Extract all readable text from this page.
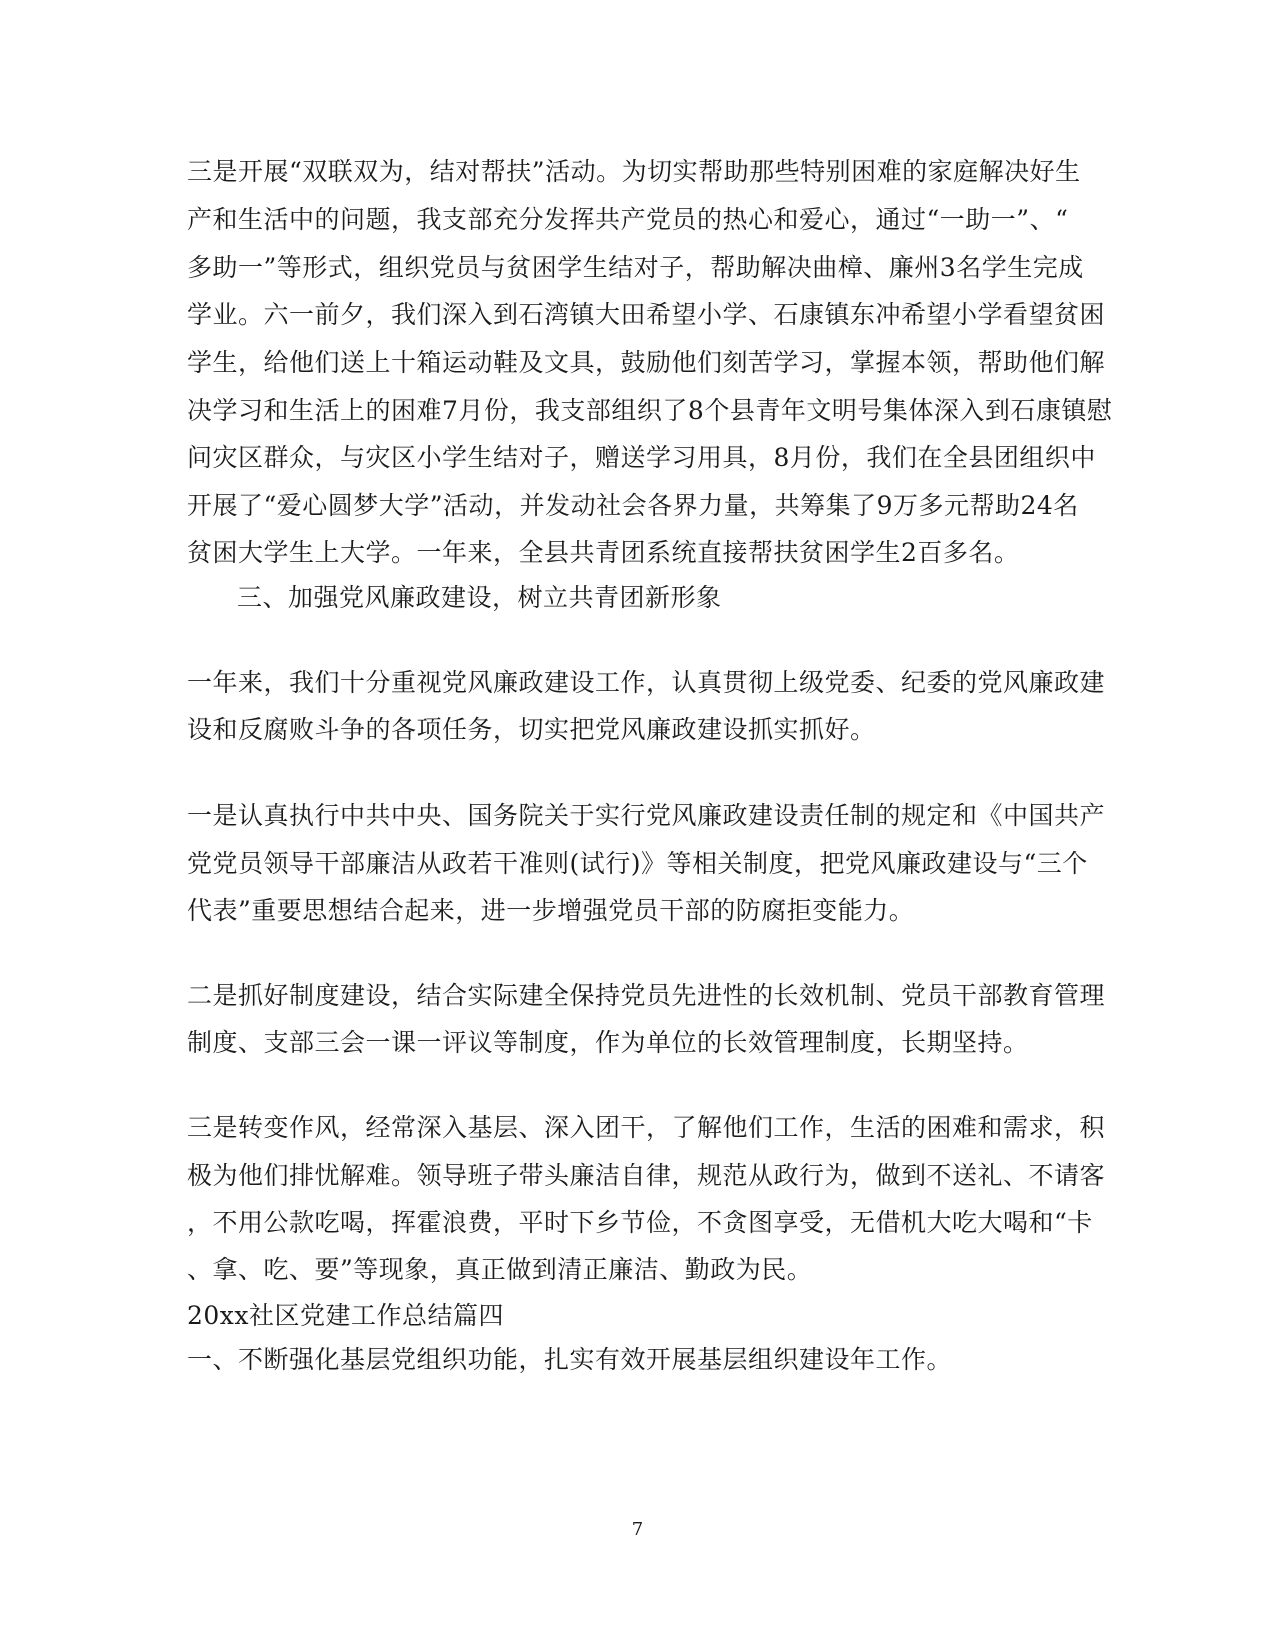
三是开展“双联双为，结对帮扶”活动。为切实帮助那些特别困难的家庭解决好生
产和生活中的问题，我支部充分发挥共产党员的热心和爱心，通过“一助一”、“
多助一”等形式，组织党员与贫困学生结对子，帮助解决曲樟、廉州3名学生完成
学业。六一前夕，我们深入到石湾镇大田希望小学、石康镇东冲希望小学看望贫困
学生，给他们送上十箱运动鞋及文具，鼓励他们刻苦学习，掌握本领，帮助他们解
决学习和生活上的困难7月份，我支部组织了8个县青年文明号集体深入到石康镇慰
问灾区群众，与灾区小学生结对子，赠送学习用具，8月份，我们在全县团组织中
开展了“爱心圆梦大学”活动，并发动社会各界力量，共筹集了9万多元帮助24名
贫困大学生上大学。一年来，全县共青团系统直接帮扶贫困学生2百多名。
三、加强党风廉政建设，树立共青团新形象
一年来，我们十分重视党风廉政建设工作，认真贯彻上级党委、纪委的党风廉政建
设和反腐败斗争的各项任务，切实把党风廉政建设抓实抓好。
一是认真执行中共中央、国务院关于实行党风廉政建设责任制的规定和《中国共产
党党员领导干部廉洁从政若干准则(试行)》等相关制度，把党风廉政建设与“三个
代表”重要思想结合起来，进一步增强党员干部的防腐拒变能力。
二是抓好制度建设，结合实际建全保持党员先进性的长效机制、党员干部教育管理
制度、支部三会一课一评议等制度，作为单位的长效管理制度，长期坚持。
三是转变作风，经常深入基层、深入团干，了解他们工作，生活的困难和需求，积
极为他们排忧解难。领导班子带头廉洁自律，规范从政行为，做到不送礼、不请客
，不用公款吃喝，挥霍浪费，平时下乡节俭，不贪图享受，无借机大吃大喝和“卡
、拿、吃、要”等现象，真正做到清正廉洁、勤政为民。
20xx社区党建工作总结篇四
一、不断强化基层党组织功能，扎实有效开展基层组织建设年工作。
7
